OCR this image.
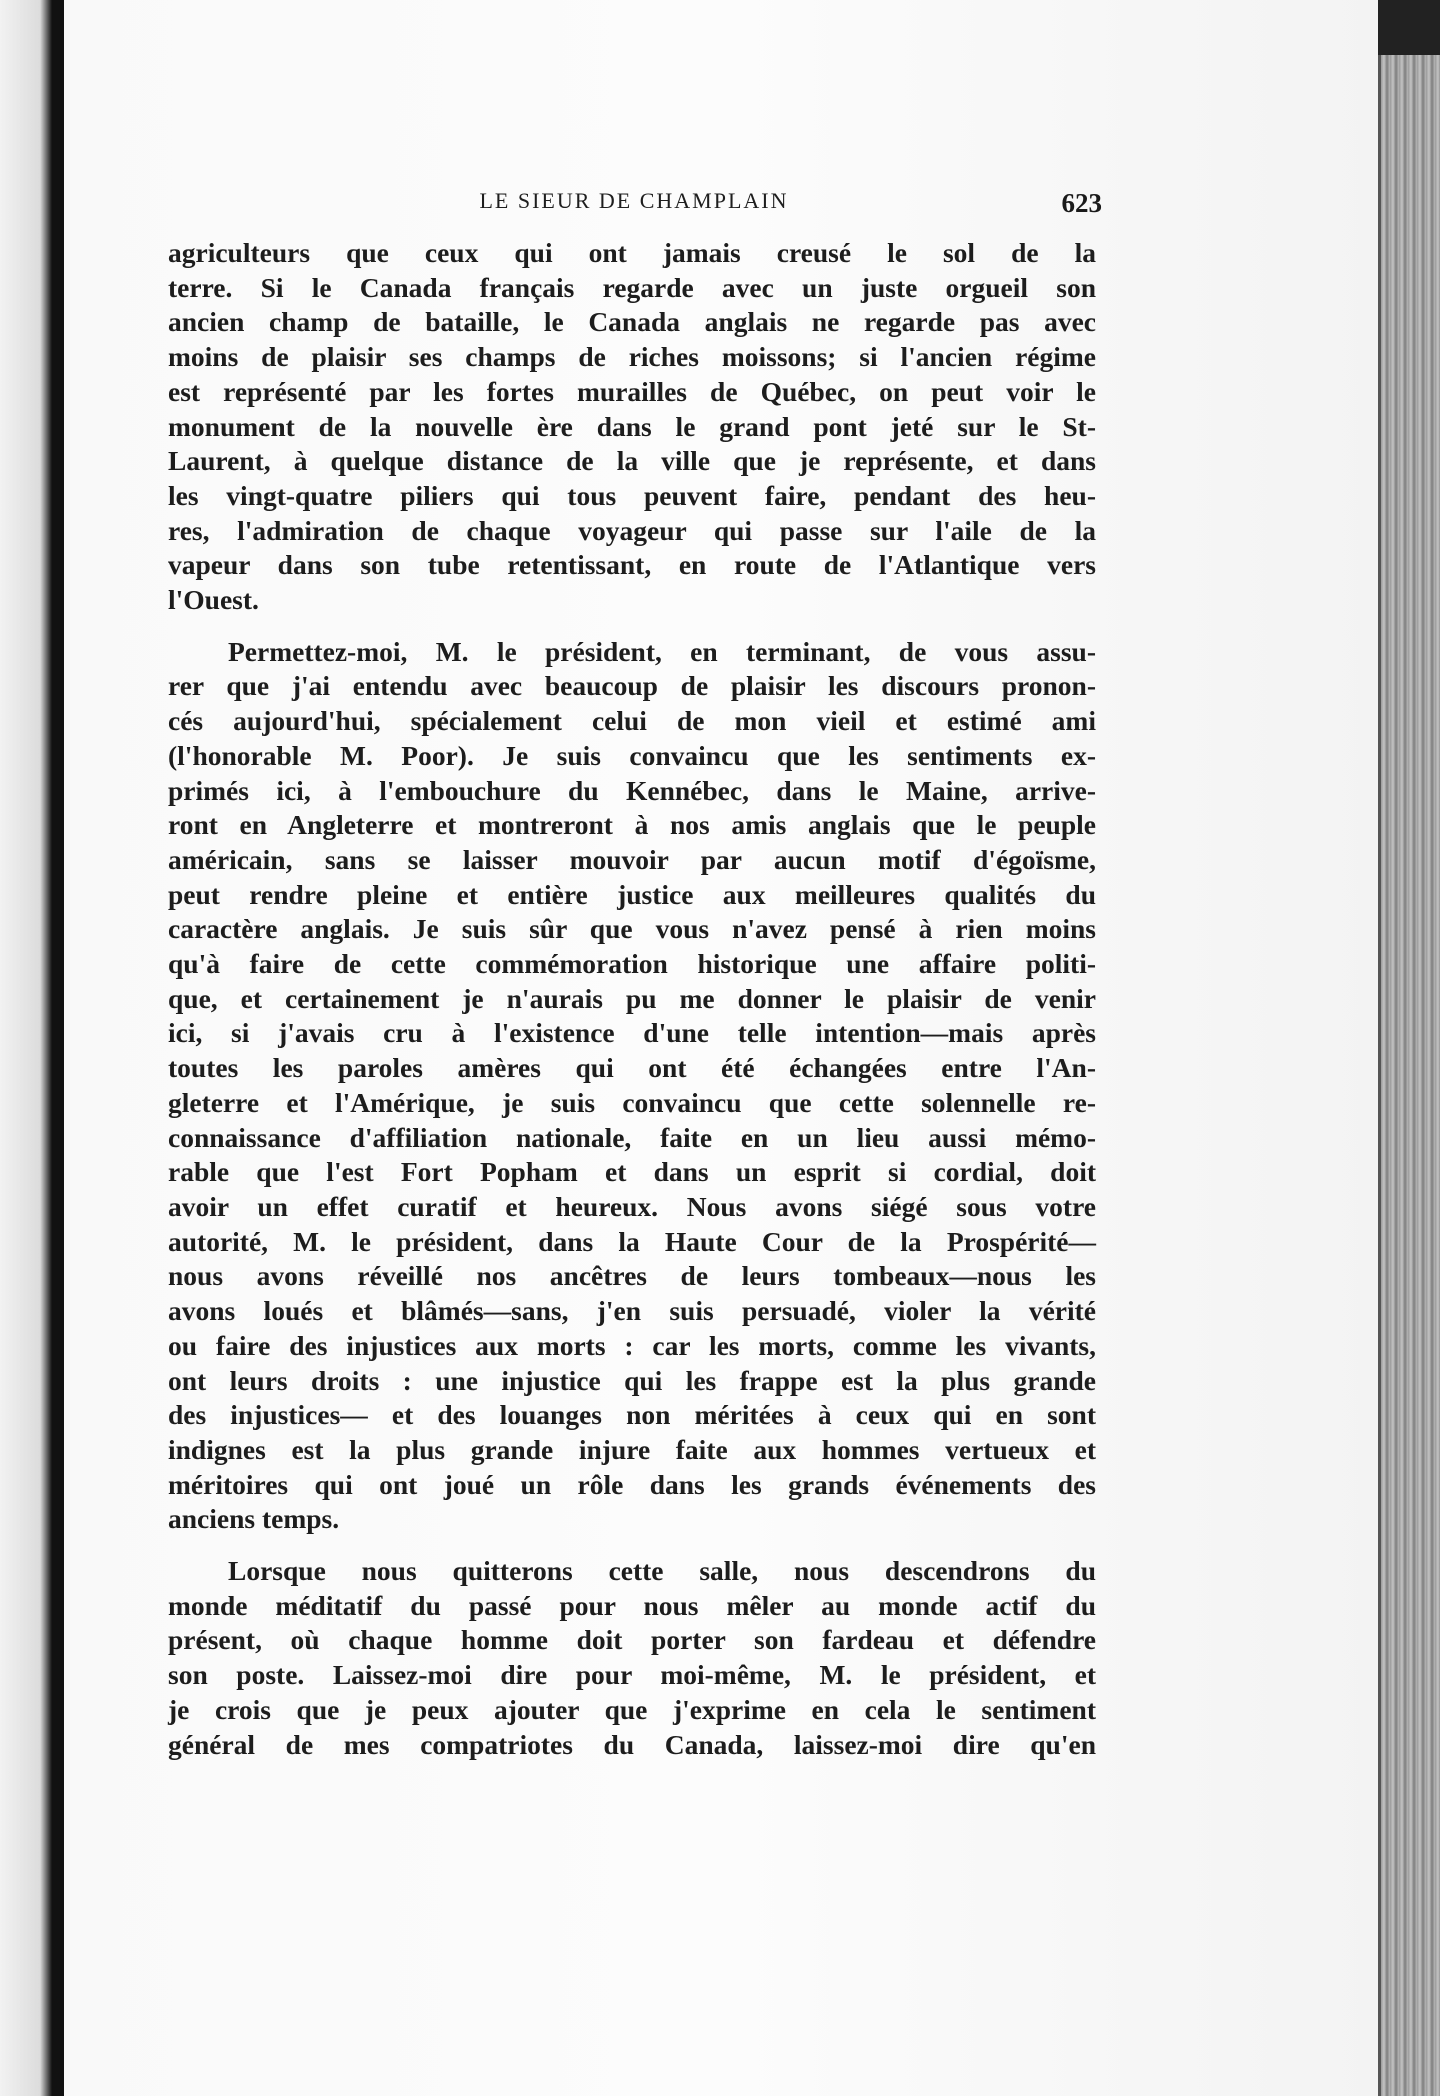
LE SIEUR DE CHAMPLAIN	623
agriculteurs que ceux qui ont jamais creusé le sol de la
terre. Si le Canada français regarde avec un juste orgueil son
ancien champ de bataille, le Canada anglais ne regarde pas avec
moins de plaisir ses champs de riches moissons; si l'ancien régime
est représenté par les fortes murailles de Québec, on peut voir le
monument de la nouvelle ère dans le grand pont jeté sur le St-
Laurent, à quelque distance de la ville que je représente, et dans
les vingt-quatre piliers qui tous peuvent faire, pendant des heu-
res, l'admiration de chaque voyageur qui passe sur l'aile de la
vapeur dans son tube retentissant, en route de l'Atlantique vers
l'Ouest.
Permettez-moi, M. le président, en terminant, de vous assu-
rer que j'ai entendu avec beaucoup de plaisir les discours pronon-
cés aujourd'hui, spécialement celui de mon vieil et estimé ami
(l'honorable M. Poor). Je suis convaincu que les sentiments ex-
primés ici, à l'embouchure du Kennébec, dans le Maine, arrive-
ront en Angleterre et montreront à nos amis anglais que le peuple
américain, sans se laisser mouvoir par aucun motif d'égoïsme,
peut rendre pleine et entière justice aux meilleures qualités du
caractère anglais. Je suis sûr que vous n'avez pensé à rien moins
qu'à faire de cette commémoration historique une affaire politi-
que, et certainement je n'aurais pu me donner le plaisir de venir
ici, si j'avais cru à l'existence d'une telle intention—mais après
toutes les paroles amères qui ont été échangées entre l'An-
gleterre et l'Amérique, je suis convaincu que cette solennelle re-
connaissance d'affiliation nationale, faite en un lieu aussi mémo-
rable que l'est Fort Popham et dans un esprit si cordial, doit
avoir un effet curatif et heureux. Nous avons siégé sous votre
autorité, M. le président, dans la Haute Cour de la Prospérité—
nous avons réveillé nos ancêtres de leurs tombeaux—nous les
avons loués et blâmés—sans, j'en suis persuadé, violer la vérité
ou faire des injustices aux morts : car les morts, comme les vivants,
ont leurs droits : une injustice qui les frappe est la plus grande
des injustices— et des louanges non méritées à ceux qui en sont
indignes est la plus grande injure faite aux hommes vertueux et
méritoires qui ont joué un rôle dans les grands événements des
anciens temps.
Lorsque nous quitterons cette salle, nous descendrons du
monde méditatif du passé pour nous mêler au monde actif du
présent, où chaque homme doit porter son fardeau et défendre
son poste. Laissez-moi dire pour moi-même, M. le président, et
je crois que je peux ajouter que j'exprime en cela le sentiment
général de mes compatriotes du Canada, laissez-moi dire qu'en
